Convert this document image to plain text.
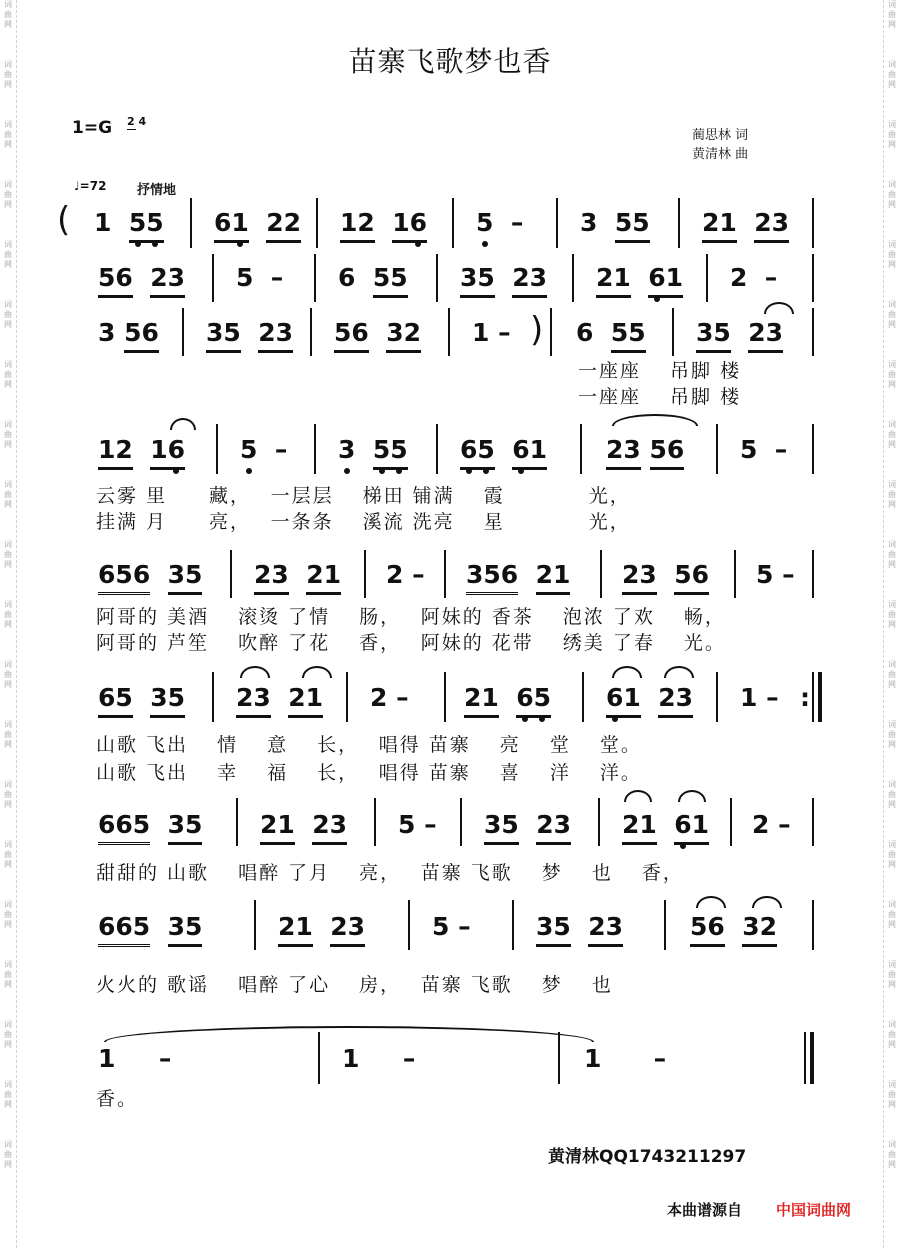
词
曲
网
词
曲
网
词
曲
网
词
曲
网
词
曲
网
词
曲
网
词
曲
网
词
曲
网
词
曲
网
词
曲
网
词
曲
网
词
曲
网
词
曲
网
词
曲
网
词
曲
网
词
曲
网
词
曲
网
词
曲
网
词
曲
网
词
曲
网
词
曲
网
词
曲
网
词
曲
网
词
曲
网
词
曲
网
词
曲
网
词
曲
网
词
曲
网
词
曲
网
词
曲
网
词
曲
网
词
曲
网
词
曲
网
词
曲
网
词
曲
网
词
曲
网
词
曲
网
词
曲
网
词
曲
网
词
曲
网
苗寨飞歌梦也香
1=G 2 4
蔺思林 词
黄清林 曲
♩=72 抒情地
( 1  55 61 22 12 16 5  – 3  55 21 23
56 23 5  – 6  55 35 23 21 61 2  –
3 56 35 23 56 32 1 – ) 6  55 35 23
一座座　 吊脚 楼
一座座　 吊脚 楼
12 16 5  – 3 55 65 61 23 56 5  –
云雾 里　　藏，　 一层层　 梯田 铺满　 霞　　　　光，
挂满 月　　亮，　 一条条　 溪流 洗亮　 星　　　　光，
656 35 23 21 2 – 356 21 23 56 5 –
阿哥的 美酒　 滚烫 了情　 肠，　 阿妹的 香茶　 泡浓 了欢　 畅，
阿哥的 芦笙　 吹醉 了花　 香，　 阿妹的 花带　 绣美 了春　 光。
65 35 23 21 2 – 21 65 61 23 1 – :
山歌 飞出　 情　 意　 长，　 唱得 苗寨　 亮　 堂　 堂。
山歌 飞出　 幸　 福　 长，　 唱得 苗寨　 喜　 洋　 洋。
665 35 21 23 5 – 35 23 21 61 2 –
甜甜的 山歌　 唱醉 了月　 亮，　 苗寨 飞歌　 梦　 也　 香，
665 35	21 23	5 –	35 23	56 32
火火的 歌谣　 唱醉 了心　 房，　 苗寨 飞歌　 梦　 也
1     –	1     –	1      –
香。
黄清林QQ1743211297
本曲谱源自 中国词曲网
